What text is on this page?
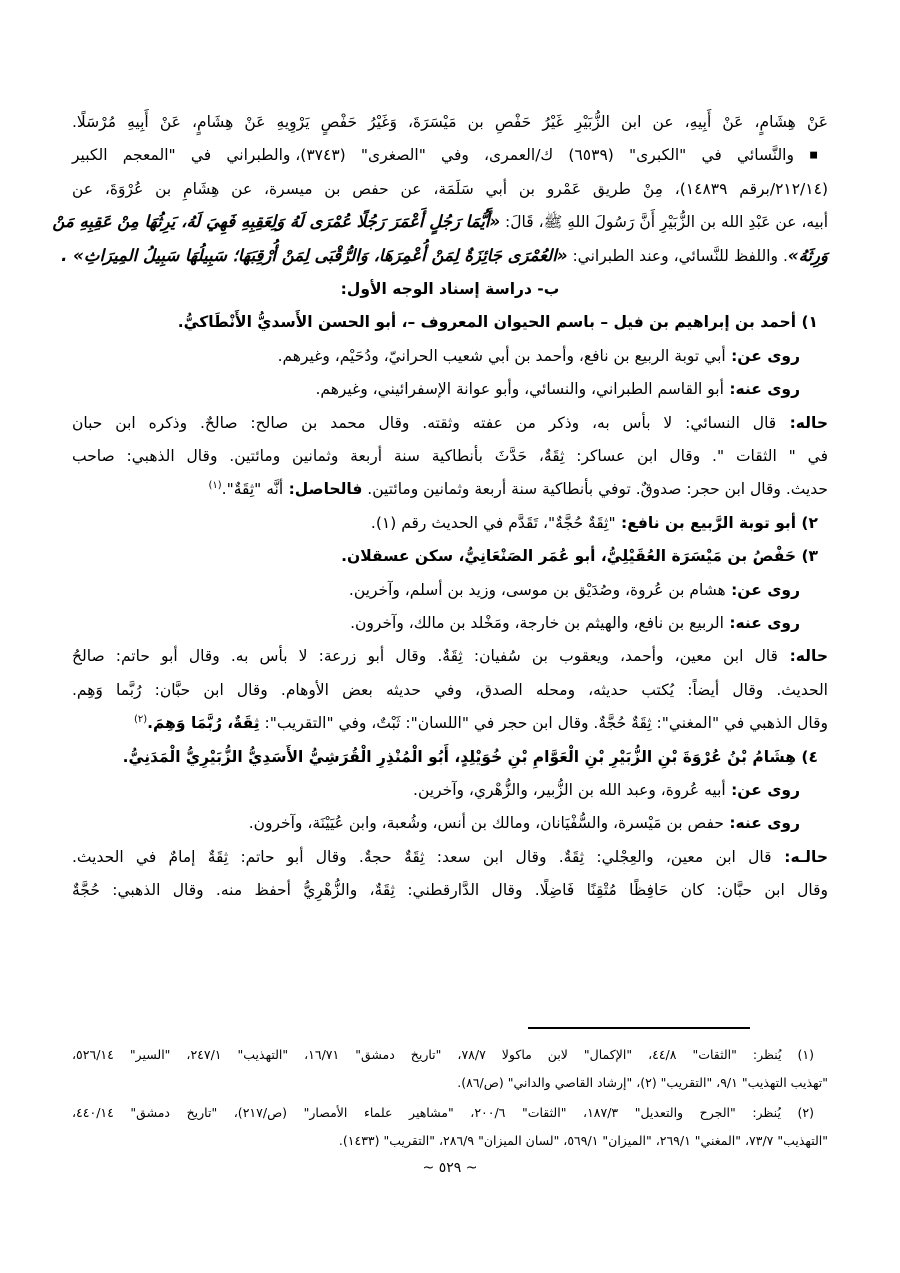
عَنْ هِشَامٍ، عَنْ أَبِيهِ، عن ابن الزُّبَيْرِ غَيْرُ حَفْصِ بن مَيْسَرَةَ، وَغَيْرُ حَفْصٍ يَرْوِيهِ عَنْ هِشَامٍ، عَنْ أَبِيهِ مُرْسَلًا.
■ والنَّسائي في "الكبرى" (٦٥٣٩) ك/العمرى، وفي "الصغرى" (٣٧٤٣)، والطبراني في "المعجم الكبير
(٢١٢/١٤/برقم ١٤٨٣٩)، مِنْ طريق عَمْرو بن أبي سَلَمَة، عن حفص بن ميسرة، عن هِشَامِ بن عُرْوَةَ، عن
أبيه، عن عَبْدِ الله بن الزُّبَيْرِ أَنَّ رَسُولَ اللهِ ﷺ، قَالَ: «أَيُّمَا رَجُلٍ أَعْمَرَ رَجُلًا عُمْرَى لَهُ وَلِعَقِبِهِ فَهِيَ لَهُ، يَرِثُهَا مِنْ عَقِبِهِ مَنْ
وَرِثَهُ». واللفظ للنَّسائي، وعند الطبراني: «العُمْرَى جَائِزَةٌ لِمَنْ أُعْمِرَهَا، وَالرُّقْبَى لِمَنْ أُرْقِبَهَا؛ سَبِيلُهَا سَبِيلُ المِيرَاثِ» .
ب- دراسة إسناد الوجه الأول:
١) أحمد بن إبراهيم بن فيل – باسم الحيوان المعروف –، أبو الحسن الأَسديُّ الأَنْطَاكيُّ.
روى عن: أبي توبة الربيع بن نافع، وأحمد بن أبي شعيب الحرانيّ، ودُحَيْم، وغيرهم.
روى عنه: أبو القاسم الطبراني، والنسائي، وأبو عوانة الإسفرائيني، وغيرهم.
حاله: قال النسائي: لا بأس به، وذكر من عفته وثقته. وقال محمد بن صالح: صالحٌ. وذكره ابن حبان
في " الثقات ". وقال ابن عساكر: ثِقَةٌ، حَدَّثَ بأنطاكية سنة أربعة وثمانين ومائتين. وقال الذهبي: صاحب
حديث. وقال ابن حجر: صدوقٌ. توفي بأنطاكية سنة أربعة وثمانين ومائتين. فالحاصل: أنَّه "ثِقَةٌ".$^{(١)}$
٢) أبو توبة الرَّبيع بن نافع: "ثِقَةٌ حُجَّةٌ"، تَقَدَّم في الحديث رقم (١).
٣) حَفْصُ بن مَيْسَرَة العُقَيْلِيُّ، أبو عُمَر الصَنْعَانِيُّ، سكن عسقلان.
روى عن: هشام بن عُروة، وصُدَيْق بن موسى، وزيد بن أسلم، وآخرين.
روى عنه: الربيع بن نافع، والهيثم بن خارجة، ومَخْلد بن مالك، وآخرون.
حاله: قال ابن معين، وأحمد، ويعقوب بن سُفيان: ثِقَةٌ. وقال أبو زرعة: لا بأس به. وقال أبو حاتم: صالحُ
الحديث. وقال أيضاً: يُكتب حديثه، ومحله الصدق، وفي حديثه بعض الأوهام. وقال ابن حبَّان: رُبَّما وَهِم.
وقال الذهبي في "المغني": ثِقَةٌ حُجَّةٌ. وقال ابن حجر في "اللسان": ثَبْتٌ، وفي "التقريب": ثِقَةٌ، رُبَّمَا وَهِمَ.$^{(٢)}$
٤) هِشَامُ بْنُ عُرْوَةَ بْنِ الزُّبَيْرِ بْنِ الْعَوَّامِ بْنِ خُوَيْلِدٍ، أَبُو الْمُنْذِرِ الْقُرَشِيُّ الأَسَدِيُّ الزُّبَيْرِيُّ الْمَدَنِيُّ.
روى عن: أبيه عُروة، وعبد الله بن الزُّبير، والزُّهْري، وآخرين.
روى عنه: حفص بن مَيْسرة، والسُّفْيَانان، ومالك بن أنس، وشُعبة، وابن عُيَيْنَة، وآخرون.
حالـه: قال ابن معين، والعِجْلي: ثِقَةٌ. وقال ابن سعد: ثِقَةٌ حجةٌ. وقال أبو حاتم: ثِقَةٌ إمامٌ في الحديث.
وقال ابن حبَّان: كان حَافِظًا مُتْقِنًا فَاضِلًا. وقال الدَّارقطني: ثِقَةٌ، والزُّهْرِيُّ أحفظ منه. وقال الذهبي: حُجَّةٌ
(١) يُنظر: "الثقات" ٤٤/٨، "الإكمال" لابن ماكولا ٧٨/٧، "تاريخ دمشق" ١٦/٧١، "التهذيب" ٢٤٧/١، "السير" ٥٢٦/١٤،
"تهذيب التهذيب" ٩/١، "التقريب" (٢)، "إرشاد القاصي والداني" (ص/٨٦).
(٢) يُنظر: "الجرح والتعديل" ١٨٧/٣، "الثقات" ٢٠٠/٦، "مشاهير علماء الأمصار" (ص/٢١٧)، "تاريخ دمشق" ٤٤٠/١٤،
"التهذيب" ٧٣/٧، "المغني" ٢٦٩/١، "الميزان" ٥٦٩/١، "لسان الميزان" ٢٨٦/٩، "التقريب" (١٤٣٣).
~ ٥٢٩ ~
